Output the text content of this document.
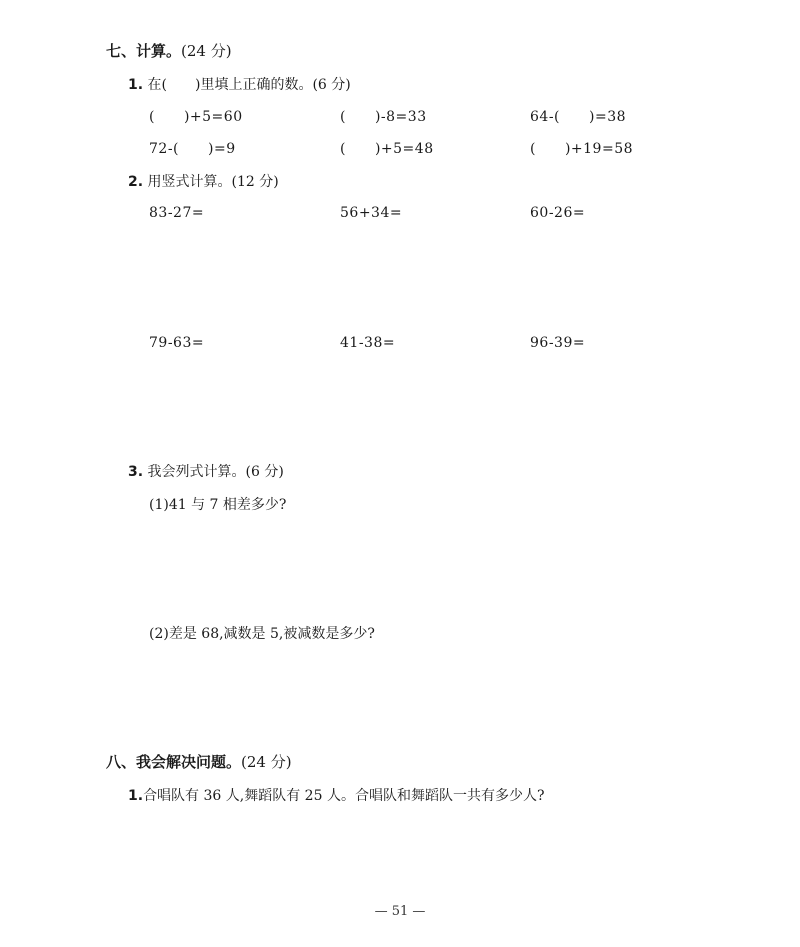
七、计算。(24 分)
1. 在(　　)里填上正确的数。(6 分)
(　　)+5=60	(　　)-8=33	64-(　　)=38
72-(　　)=9	(　　)+5=48	(　　)+19=58
2. 用竖式计算。(12 分)
83-27=	56+34=	60-26=
79-63=	41-38=	96-39=
3. 我会列式计算。(6 分)
(1)41 与 7 相差多少?
(2)差是 68,减数是 5,被减数是多少?
八、我会解决问题。(24 分)
1.合唱队有 36 人,舞蹈队有 25 人。合唱队和舞蹈队一共有多少人?
— 51 —
